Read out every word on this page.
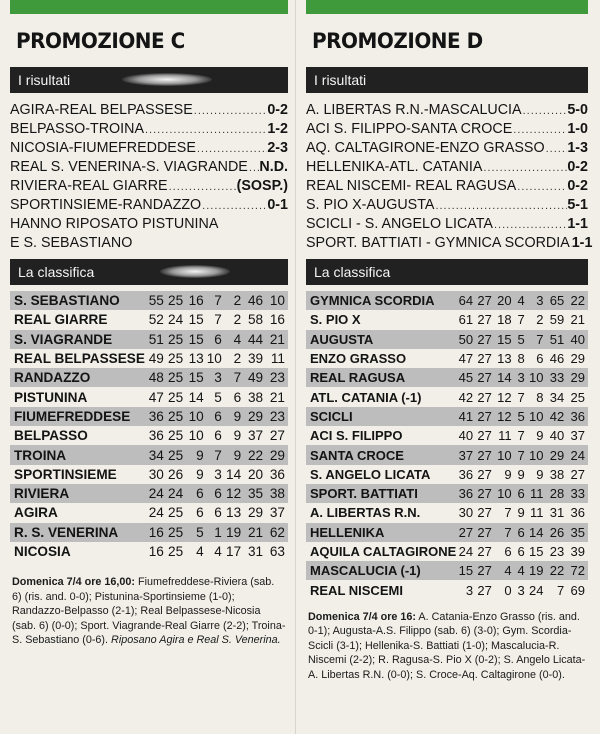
PROMOZIONE C
I risultati
AGIRA-REAL BELPASSESE .....	0-2
BELPASSO-TROINA .....	1-2
NICOSIA-FIUMEFREDDESE .....	2-3
REAL S. VENERINA-S. VIAGRANDE ..... N.D.
RIVIERA-REAL GIARRE .....	(SOSP.)
SPORTINSIEME-RANDAZZO .....	0-1
HANNO RIPOSATO PISTUNINA
E S. SEBASTIANO
La classifica
S. SEBASTIANO	55	25	16	7	2	46	10
REAL GIARRE	52	24	15	7	2	58	16
S. VIAGRANDE	51	25	15	6	4	44	21
REAL BELPASSESE	49	25	13	10	2	39	11
RANDAZZO	48	25	15	3	7	49	23
PISTUNINA	47	25	14	5	6	38	21
FIUMEFREDDESE	36	25	10	6	9	29	23
BELPASSO	36	25	10	6	9	37	27
TROINA	34	25	9	7	9	22	29
SPORTINSIEME	30	26	9	3	14	20	36
RIVIERA	24	24	6	6	12	35	38
AGIRA	24	25	6	6	13	29	37
R. S. VENERINA	16	25	5	1	19	21	62
NICOSIA	16	25	4	4	17	31	63
Domenica 7/4 ore 16,00: Fiumefreddese-Riviera (sab. 6) (ris. and. 0-0); Pistunina-Sportinsieme (1-0); Randazzo-Belpasso (2-1); Real Belpassese-Nicosia (sab. 6) (0-0); Sport. Viagrande-Real Giarre (2-2); Troina-S. Sebastiano (0-6). Riposano Agira e Real S. Venerina.
PROMOZIONE D
I risultati
A. LIBERTAS R.N.-MASCALUCIA .....	5-0
ACI S. FILIPPO-SANTA CROCE .....	1-0
AQ. CALTAGIRONE-ENZO GRASSO ..... 1-3
HELLENIKA-ATL. CATANIA .....	0-2
REAL NISCEMI- REAL RAGUSA .....	0-2
S. PIO X-AUGUSTA .....	5-1
SCICLI - S. ANGELO LICATA .....	1-1
SPORT. BATTIATI - GYMNICA SCORDIA ..... 1-1
La classifica
GYMNICA SCORDIA	64	27	20	4	3	65	22
S. PIO X	61	27	18	7	2	59	21
AUGUSTA	50	27	15	5	7	51	40
ENZO GRASSO	47	27	13	8	6	46	29
REAL RAGUSA	45	27	14	3	10	33	29
ATL. CATANIA (-1)	42	27	12	7	8	34	25
SCICLI	41	27	12	5	10	42	36
ACI S. FILIPPO	40	27	11	7	9	40	37
SANTA CROCE	37	27	10	7	10	29	24
S. ANGELO LICATA	36	27	9	9	9	38	27
SPORT. BATTIATI	36	27	10	6	11	28	33
A. LIBERTAS R.N.	30	27	7	9	11	31	36
HELLENIKA	27	27	7	6	14	26	35
AQUILA CALTAGIRONE	24	27	6	6	15	23	39
MASCALUCIA (-1)	15	27	4	4	19	22	72
REAL NISCEMI	3	27	0	3	24	7	69
Domenica 7/4 ore 16: A. Catania-Enzo Grasso (ris. and. 0-1); Augusta-A.S. Filippo (sab. 6) (3-0); Gym. Scordia-Scicli (3-1); Hellenika-S. Battiati (1-0); Mascalucia-R. Niscemi (2-2); R. Ragusa-S. Pio X (0-2); S. Angelo Licata-A. Libertas R.N. (0-0); S. Croce-Aq. Caltagirone (0-0).
